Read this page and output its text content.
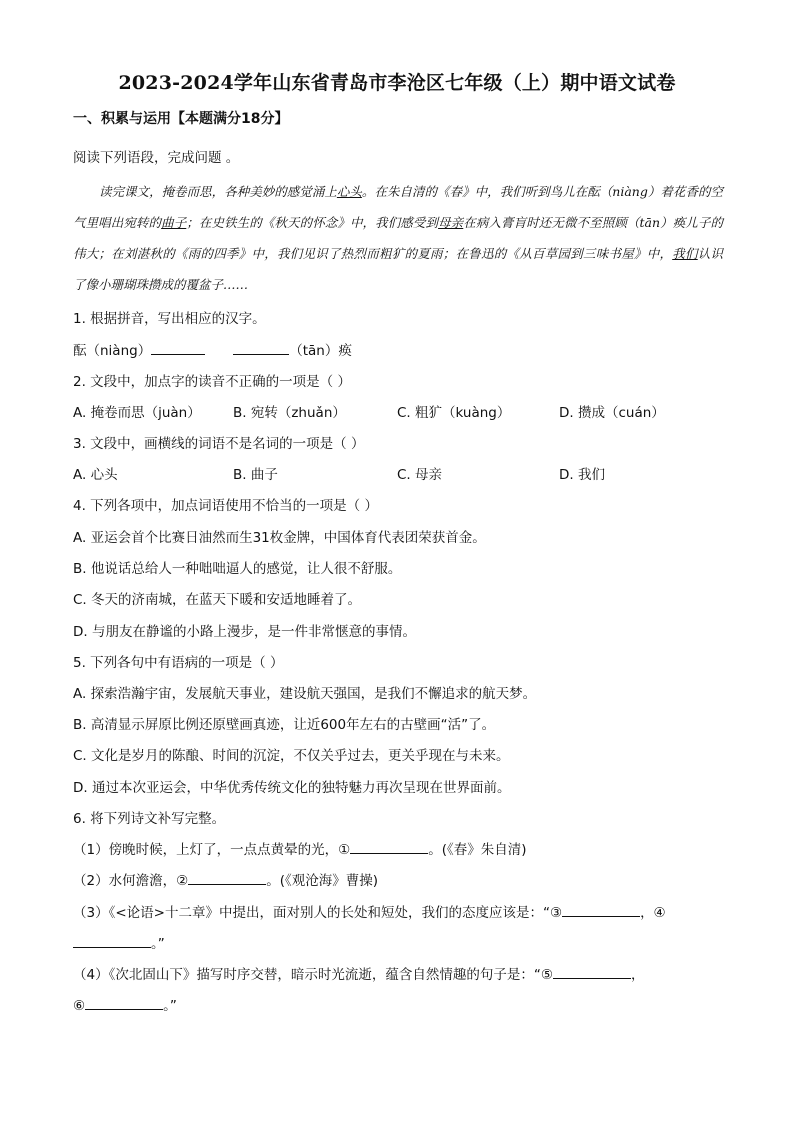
2023-2024学年山东省青岛市李沧区七年级（上）期中语文试卷
一、积累与运用【本题满分18分】
阅读下列语段，完成问题 。

读完课文，掩卷而思，各种美妙的感觉涌上心头。在朱自清的《春》中，我们听到鸟儿在酝（niàng）着花香的空气里唱出宛转的曲子；在史铁生的《秋天的怀念》中，我们感受到母亲在病入膏肓时还无微不至照顾（tān）痪儿子的伟大；在刘湛秋的《雨的四季》中，我们见识了热烈而粗犷的夏雨；在鲁迅的《从百草园到三味书屋》中，我们认识了像小珊瑚珠攒成的覆盆子……

1. 根据拼音，写出相应的汉字。
酝（niàng）	（tān）痪
2. 文段中，加点字的读音不正确的一项是（ ）
A. 掩卷而思（juàn） B. 宛转（zhuǎn）	C. 粗犷（kuàng）	D. 攒成（cuán）
3. 文段中，画横线的词语不是名词的一项是（ ）
A. 心头	B. 曲子	C. 母亲	D. 我们
4. 下列各项中，加点词语使用不恰当的一项是（ ）
A. 亚运会首个比赛日油然而生31枚金牌，中国体育代表团荣获首金。
B. 他说话总给人一种咄咄逼人的感觉，让人很不舒服。
C. 冬天的济南城，在蓝天下暖和安适地睡着了。
D. 与朋友在静谧的小路上漫步，是一件非常惬意的事情。
5. 下列各句中有语病的一项是（ ）
A. 探索浩瀚宇宙，发展航天事业，建设航天强国，是我们不懈追求的航天梦。
B. 高清显示屏原比例还原壁画真迹，让近600年左右的古壁画“活”了。
C. 文化是岁月的陈酿、时间的沉淀，不仅关乎过去，更关乎现在与未来。
D. 通过本次亚运会，中华优秀传统文化的独特魅力再次呈现在世界面前。
6. 将下列诗文补写完整。
（1）傍晚时候，上灯了，一点点黄晕的光，①	。(《春》朱自清)
（2）水何澹澹，②	。(《观沧海》曹操)
（3）《<论语>十二章》中提出，面对别人的长处和短处，我们的态度应该是：“③	，④
。”
（4）《次北固山下》描写时序交替，暗示时光流逝，蕴含自然情趣的句子是：“⑤	，
⑥	。”
